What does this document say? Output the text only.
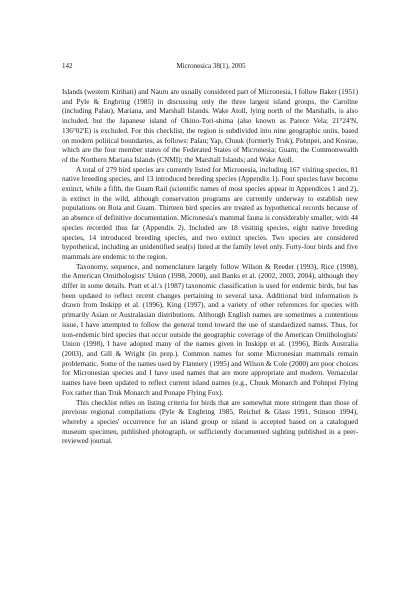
142	Micronesica 38(1), 2005

Islands (western Kiribati) and Nauru are usually considered part of Micronesia, I follow Baker (1951) and Pyle & Engbring (1985) in discussing only the three largest island groups, the Caroline (including Palau), Mariana, and Marshall Islands. Wake Atoll, lying north of the Marshalls, is also included, but the Japanese island of Okino-Tori-shima (also known as Parece Vela; 21°24'N, 136°02'E) is excluded. For this checklist, the region is subdivided into nine geographic units, based on modern political boundaries, as follows: Palau; Yap, Chuuk (formerly Truk), Pohnpei, and Kosrae, which are the four member states of the Federated States of Micronesia; Guam; the Commonwealth of the Northern Mariana Islands (CNMI); the Marshall Islands; and Wake Atoll.

A total of 279 bird species are currently listed for Micronesia, including 167 visiting species, 81 native breeding species, and 13 introduced breeding species (Appendix 1). Four species have become extinct, while a fifth, the Guam Rail (scientific names of most species appear in Appendices 1 and 2), is extinct in the wild, although conservation programs are currently underway to establish new populations on Rota and Guam. Thirteen bird species are treated as hypothetical records because of an absence of definitive documentation. Micronesia's mammal fauna is considerably smaller, with 44 species recorded thus far (Appendix 2). Included are 18 visiting species, eight native breeding species, 14 introduced breeding species, and two extinct species. Two species are considered hypothetical, including an unidentified seal(s) listed at the family level only. Forty-four birds and five mammals are endemic to the region.

Taxonomy, sequence, and nomenclature largely follow Wilson & Reeder (1993), Rice (1998), the American Ornithologists' Union (1998, 2000), and Banks et al. (2002, 2003, 2004), although they differ in some details. Pratt et al.'s (1987) taxonomic classification is used for endemic birds, but has been updated to reflect recent changes pertaining to several taxa. Additional bird information is drawn from Inskipp et al. (1996), King (1997), and a variety of other references for species with primarily Asian or Australasian distributions. Although English names are sometimes a contentious issue, I have attempted to follow the general trend toward the use of standardized names. Thus, for non-endemic bird species that occur outside the geographic coverage of the American Ornithologists' Union (1998), I have adopted many of the names given in Inskipp et al. (1996), Birds Australia (2003), and Gill & Wright (in prep.). Common names for some Micronesian mammals remain problematic. Some of the names used by Flannery (1995) and Wilson & Cole (2000) are poor choices for Micronesian species and I have used names that are more appropriate and modern. Vernacular names have been updated to reflect current island names (e.g., Chuuk Monarch and Pohnpei Flying Fox rather than Truk Monarch and Ponape Flying Fox).

This checklist relies on listing criteria for birds that are somewhat more stringent than those of previous regional compilations (Pyle & Engbring 1985, Reichel & Glass 1991, Stinson 1994), whereby a species' occurrence for an island group or island is accepted based on a catalogued museum specimen, published photograph, or sufficiently documented sighting published in a peer-reviewed journal.
